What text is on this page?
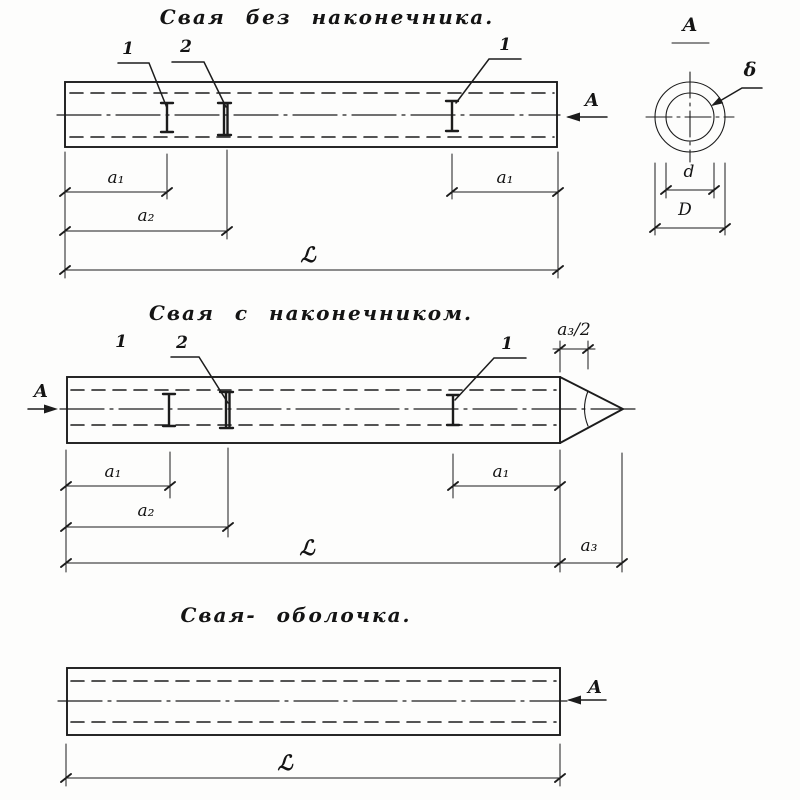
Свая без наконечника.
1	2	1
А
a₁	a₁
a₂
ℒ
Свая с наконечником.
1	2	1
А
a₃/2
a₁	a₁
a₂
ℒ	a₃
Свая- оболочка.
А
ℒ
А
δ
d
D
